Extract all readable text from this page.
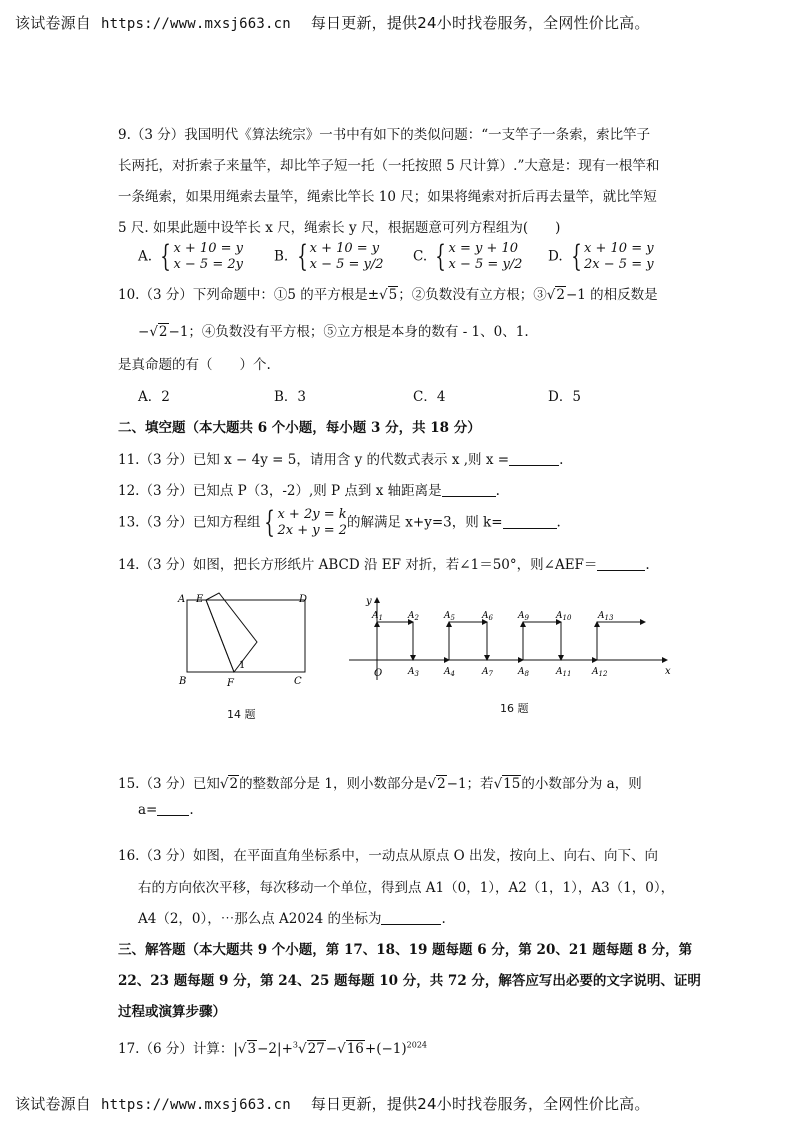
该试卷源自 https://www.mxsj663.cn 每日更新，提供24小时找卷服务，全网性价比高。
9.（3 分）我国明代《算法统宗》一书中有如下的类似问题：“一支竿子一条索，索比竿子
长两托，对折索子来量竿，却比竿子短一托（一托按照 5 尺计算）.”大意是：现有一根竿和
一条绳索，如果用绳索去量竿，绳索比竿长 10 尺；如果将绳索对折后再去量竿，就比竿短
5 尺. 如果此题中设竿长 x 尺，绳索长 y 尺，根据题意可列方程组为(　　)
A. { x + 10 = y
x − 5 = 2y B. { x + 10 = y
x − 5 = y/2 C. { x = y + 10
x − 5 = y/2 D. { x + 10 = y
2x − 5 = y
10.（3 分）下列命题中：①5 的平方根是±√5；②负数没有立方根；③√2−1 的相反数是
−√2−1；④负数没有平方根；⑤立方根是本身的数有 - 1、0、1.
是真命题的有（　　）个.
A．2	B．3	C．4	D．5
二、填空题（本大题共 6 个小题，每小题 3 分，共 18 分）
11.（3 分）已知 x − 4y = 5，请用含 y 的代数式表示 x ,则 x =	.
12.（3 分）已知点 P（3，-2）,则 P 点到 x 轴距离是	.
13.（3 分）已知方程组 { x + 2y = k
2x + y = 2 的解满足 x+y=3，则 k=	.
14.（3 分）如图，把长方形纸片 ABCD 沿 EF 对折，若∠1＝50°，则∠AEF＝	.
A E	D
B	F	C
1
14 题
y
x
O
$A_1$	$A_2$
$A_3$	$A_4$
$A_5$	$A_6$
$A_7$	$A_8$
$A_9$	$A_{10}$
$A_{11}$ $A_{12}$
$A_{13}$
16 题
15.（3 分）已知√2的整数部分是 1，则小数部分是√2−1；若√15的小数部分为 a，则
a= .
16.（3 分）如图，在平面直角坐标系中，一动点从原点 O 出发，按向上、向右、向下、向
右的方向依次平移，每次移动一个单位，得到点 A1（0，1），A2（1，1），A3（1，0），
A4（2，0），⋯那么点 A2024 的坐标为	.
三、解答题（本大题共 9 个小题，第 17、18、19 题每题 6 分，第 20、21 题每题 8 分，第
22、23 题每题 9 分，第 24、25 题每题 10 分，共 72 分，解答应写出必要的文字说明、证明
过程或演算步骤）
17.（6 分）计算：$|√3-2|+^3√27-√16+(-1)^{2024}$
该试卷源自 https://www.mxsj663.cn 每日更新，提供24小时找卷服务，全网性价比高。
